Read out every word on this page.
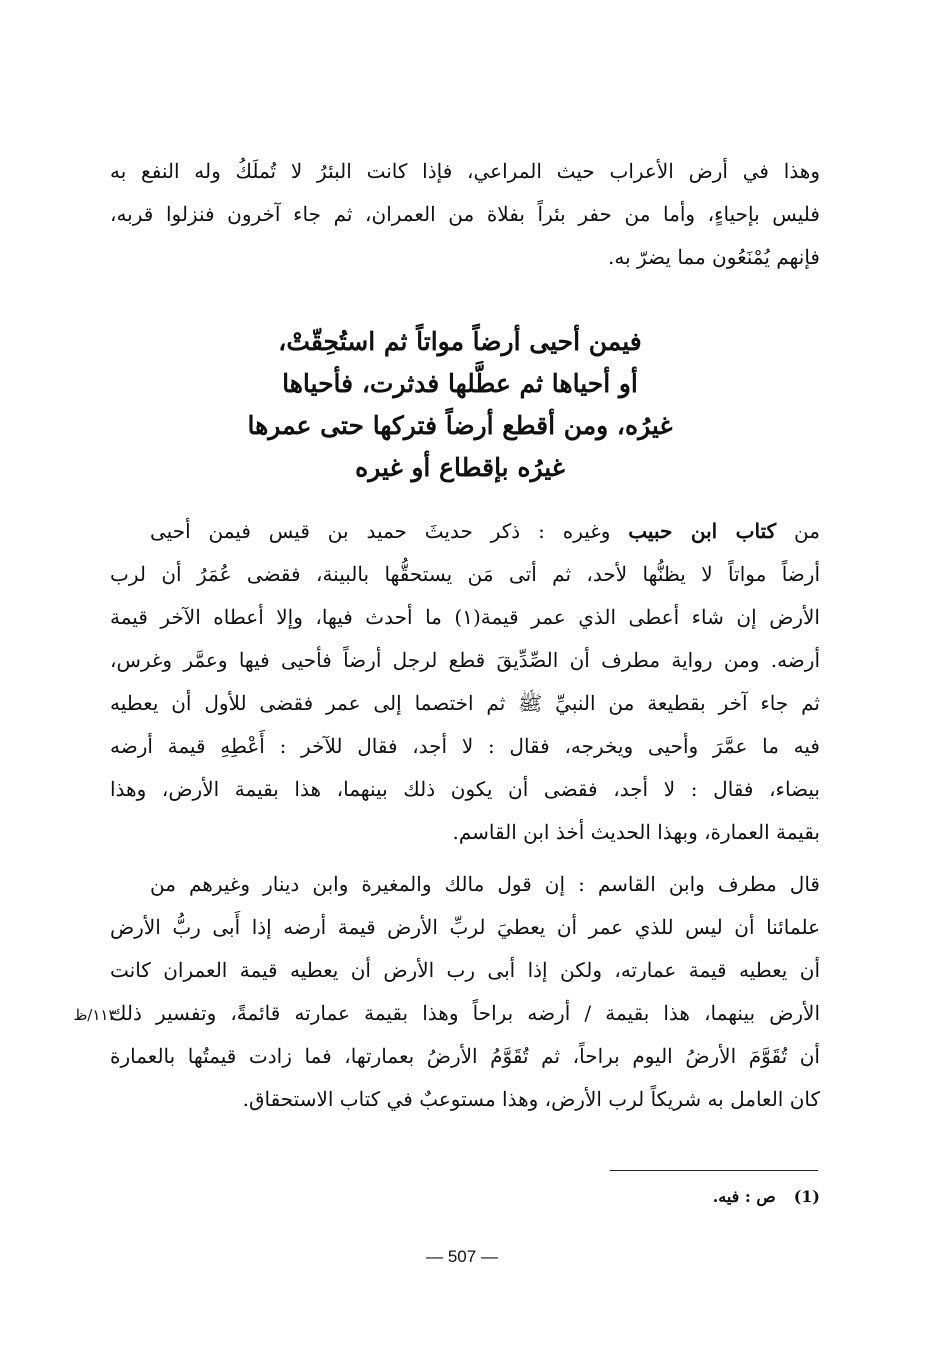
وهذا في أرض الأعراب حيث المراعي، فإذا كانت البئرُ لا تُملَكُ وله النفع به
فليس بإحياءٍ، وأما من حفر بئراً بفلاة من العمران، ثم جاء آخرون فنزلوا قربه،
فإنهم يُمْنَعُون مما يضرّ به.
فيمن أحيى أرضاً مواتاً ثم استُحِقّتْ،
أو أحياها ثم عطَّلها فدثرت، فأحياها
غيرُه، ومن أقطع أرضاً فتركها حتى عمرها
غيرُه بإقطاع أو غيره
من كتاب ابن حبيب وغيره : ذكر حديثَ حميد بن قيس فيمن أحيى
أرضاً مواتاً لا يظنُّها لأحد، ثم أتى مَن يستحقُّها بالبينة، فقضى عُمَرُ أن لرب
الأرض إن شاء أعطى الذي عمر قيمة(١) ما أحدث فيها، وإلا أعطاه الآخر قيمة
أرضه. ومن رواية مطرف أن الصِّدِّيقَ قطع لرجل أرضاً فأحيى فيها وعمَّر وغرس،
ثم جاء آخر بقطيعة من النبيِّ ﷺ ثم اختصما إلى عمر فقضى للأول أن يعطيه
فيه ما عمَّرَ وأحيى ويخرجه، فقال : لا أجد، فقال للآخر : أَعْطِهِ قيمة أرضه
بيضاء، فقال : لا أجد، فقضى أن يكون ذلك بينهما، هذا بقيمة الأرض، وهذا
بقيمة العمارة، وبهذا الحديث أخذ ابن القاسم.
قال مطرف وابن القاسم : إن قول مالك والمغيرة وابن دينار وغيرهم من
علمائنا أن ليس للذي عمر أن يعطيَ لربِّ الأرض قيمة أرضه إذا أَبى ربُّ الأرض
أن يعطيه قيمة عمارته، ولكن إذا أبى رب الأرض أن يعطيه قيمة العمران كانت
الأرض بينهما، هذا بقيمة / أرضه براحاً وهذا بقيمة عمارته قائمةً، وتفسير ذلك
أن تُقَوَّمَ الأرضُ اليوم براحاً، ثم تُقَوَّمُ الأرضُ بعمارتها، فما زادت قيمتُها بالعمارة
كان العامل به شريكاً لرب الأرض، وهذا مستوعبٌ في كتاب الاستحقاق.
١١٣/ظ
(1)ص : فيه.
— 507 —
